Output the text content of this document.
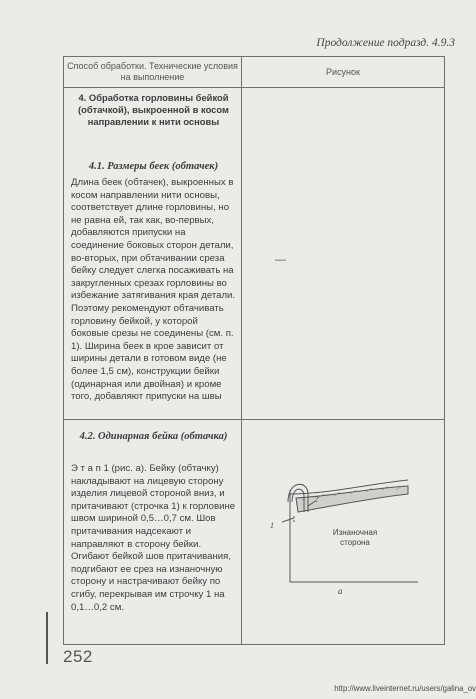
Продолжение подразд. 4.9.3
Способ обработки. Технические условия на выполнение
Рисунок
4. Обработка горловины бейкой (обтачкой), выкроенной в косом направлении к нити основы
4.1. Размеры беек (обтачек)
Длина беек (обтачек), выкроенных в косом направлении нити основы, соответствует длине горловины, но не равна ей, так как, во-первых, добавляются припуски на соединение боковых сторон детали, во-вторых, при обтачивании среза бейку следует слегка посаживать на закругленных срезах горловины во избежание затягивания края детали. Поэтому рекомендуют обтачивать горловину бейкой, у которой боковые срезы не соединены (см. п. 1). Ширина беек в крое зависит от ширины детали в готовом виде (не более 1,5 см), конструкции бейки (одинарная или двойная) и кроме того, добавляют припуски на швы
4.2. Одинарная бейка (обтачка)
Э т а п 1 (рис. а). Бейку (обтачку) накладывают на лицевую сторону изделия лицевой стороной вниз, и притачивают (строчка 1) к горловине швом шириной 0,5…0,7 см. Шов притачивания надсекают и направляют в сторону бейки. Огибают бейкой шов притачивания, подгибают ее срез на изнаночную сторону и настрачивают бейку по сгибу, перекрывая им строчку 1 на 0,1…0,2 см.
—
1
2
Изнаночная сторона
а
252
http://www.liveinternet.ru/users/galina_ov
